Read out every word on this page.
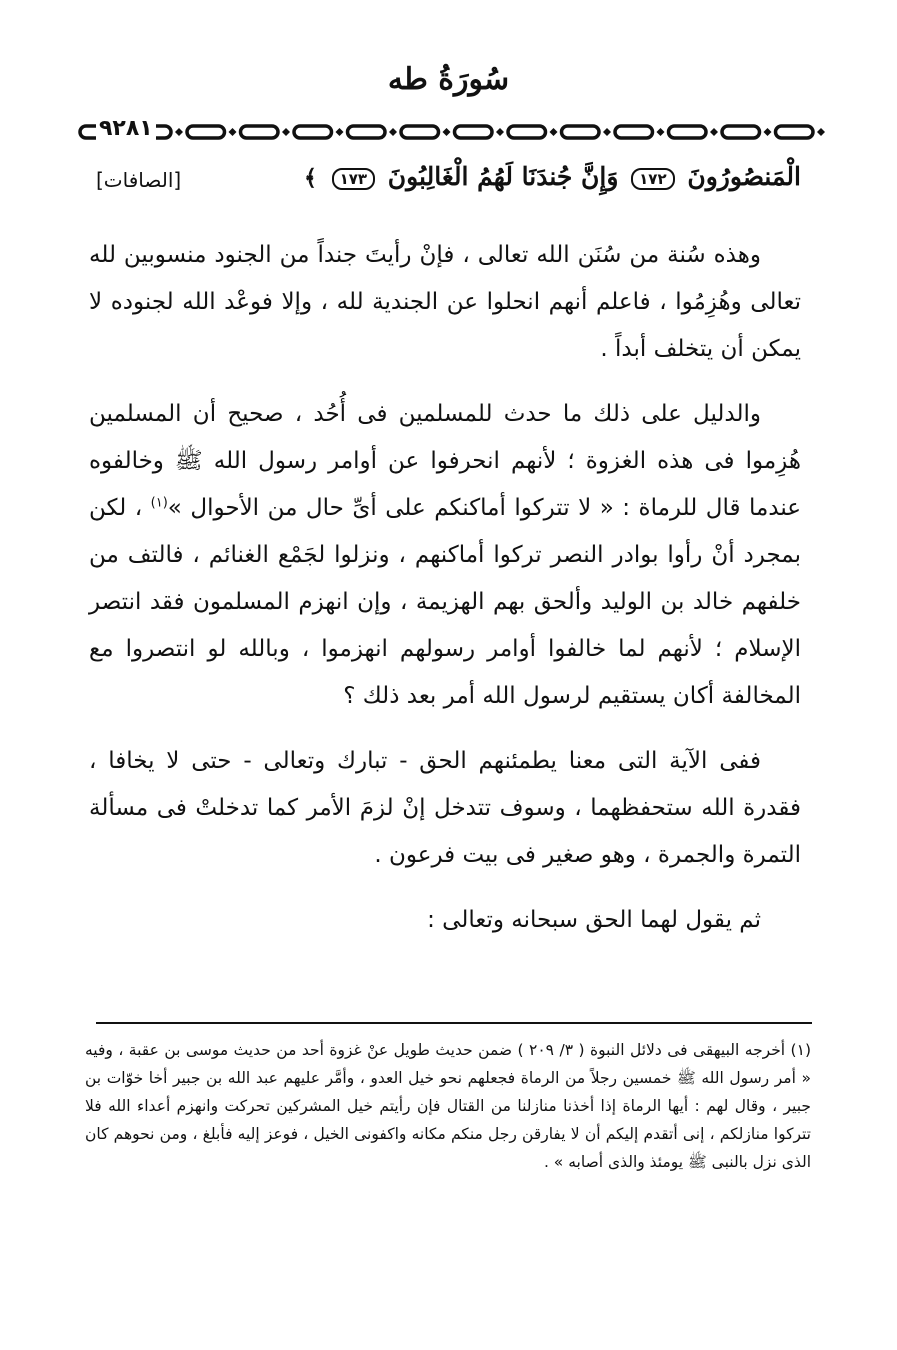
سُورَةُ طه
٩٢٨١
الْمَنصُورُونَ ١٧٢ وَإِنَّ جُندَنَا لَهُمُ الْغَالِبُونَ ١٧٣ ﴾
[الصافات]

وهذه سُنة من سُنَن الله تعالى ، فإنْ رأيتَ جنداً من الجنود منسوبين لله تعالى وهُزِمُوا ، فاعلم أنهم انحلوا عن الجندية لله ، وإلا فوعْد الله لجنوده لا يمكن أن يتخلف أبداً .

والدليل على ذلك ما حدث للمسلمين فى أُحُد ، صحيح أن المسلمين هُزِموا فى هذه الغزوة ؛ لأنهم انحرفوا عن أوامر رسول الله ﷺ وخالفوه عندما قال للرماة : « لا تتركوا أماكنكم على أىِّ حال من الأحوال »$^{(١)}$ ، لكن بمجرد أنْ رأوا بوادر النصر تركوا أماكنهم ، ونزلوا لجَمْع الغنائم ، فالتف من خلفهم خالد بن الوليد وألحق بهم الهزيمة ، وإن انهزم المسلمون فقد انتصر الإسلام ؛ لأنهم لما خالفوا أوامر رسولهم انهزموا ، وبالله لو انتصروا مع المخالفة أكان يستقيم لرسول الله أمر بعد ذلك ؟

ففى الآية التى معنا يطمئنهم الحق - تبارك وتعالى - حتى لا يخافا ، فقدرة الله ستحفظهما ، وسوف تتدخل إنْ لزمَ الأمر كما تدخلتْ فى مسألة التمرة والجمرة ، وهو صغير فى بيت فرعون .

ثم يقول لهما الحق سبحانه وتعالى :

(١) أخرجه البيهقى فى دلائل النبوة ( ٣/ ٢٠٩ ) ضمن حديث طويل عنْ غزوة أحد من حديث موسى بن عقبة ، وفيه « أمر رسول الله ﷺ خمسين رجلاً من الرماة فجعلهم نحو خيل العدو ، وأمَّر عليهم عبد الله بن جبير أخا خوّات بن جبير ، وقال لهم : أيها الرماة إذا أخذنا منازلنا من القتال فإن رأيتم خيل المشركين تحركت وانهزم أعداء الله فلا تتركوا منازلكم ، إنى أتقدم إليكم أن لا يفارقن رجل منكم مكانه واكفونى الخيل ، فوعز إليه فأبلغ ، ومن نحوهم كان الذى نزل بالنبى ﷺ يومئذ والذى أصابه » .
